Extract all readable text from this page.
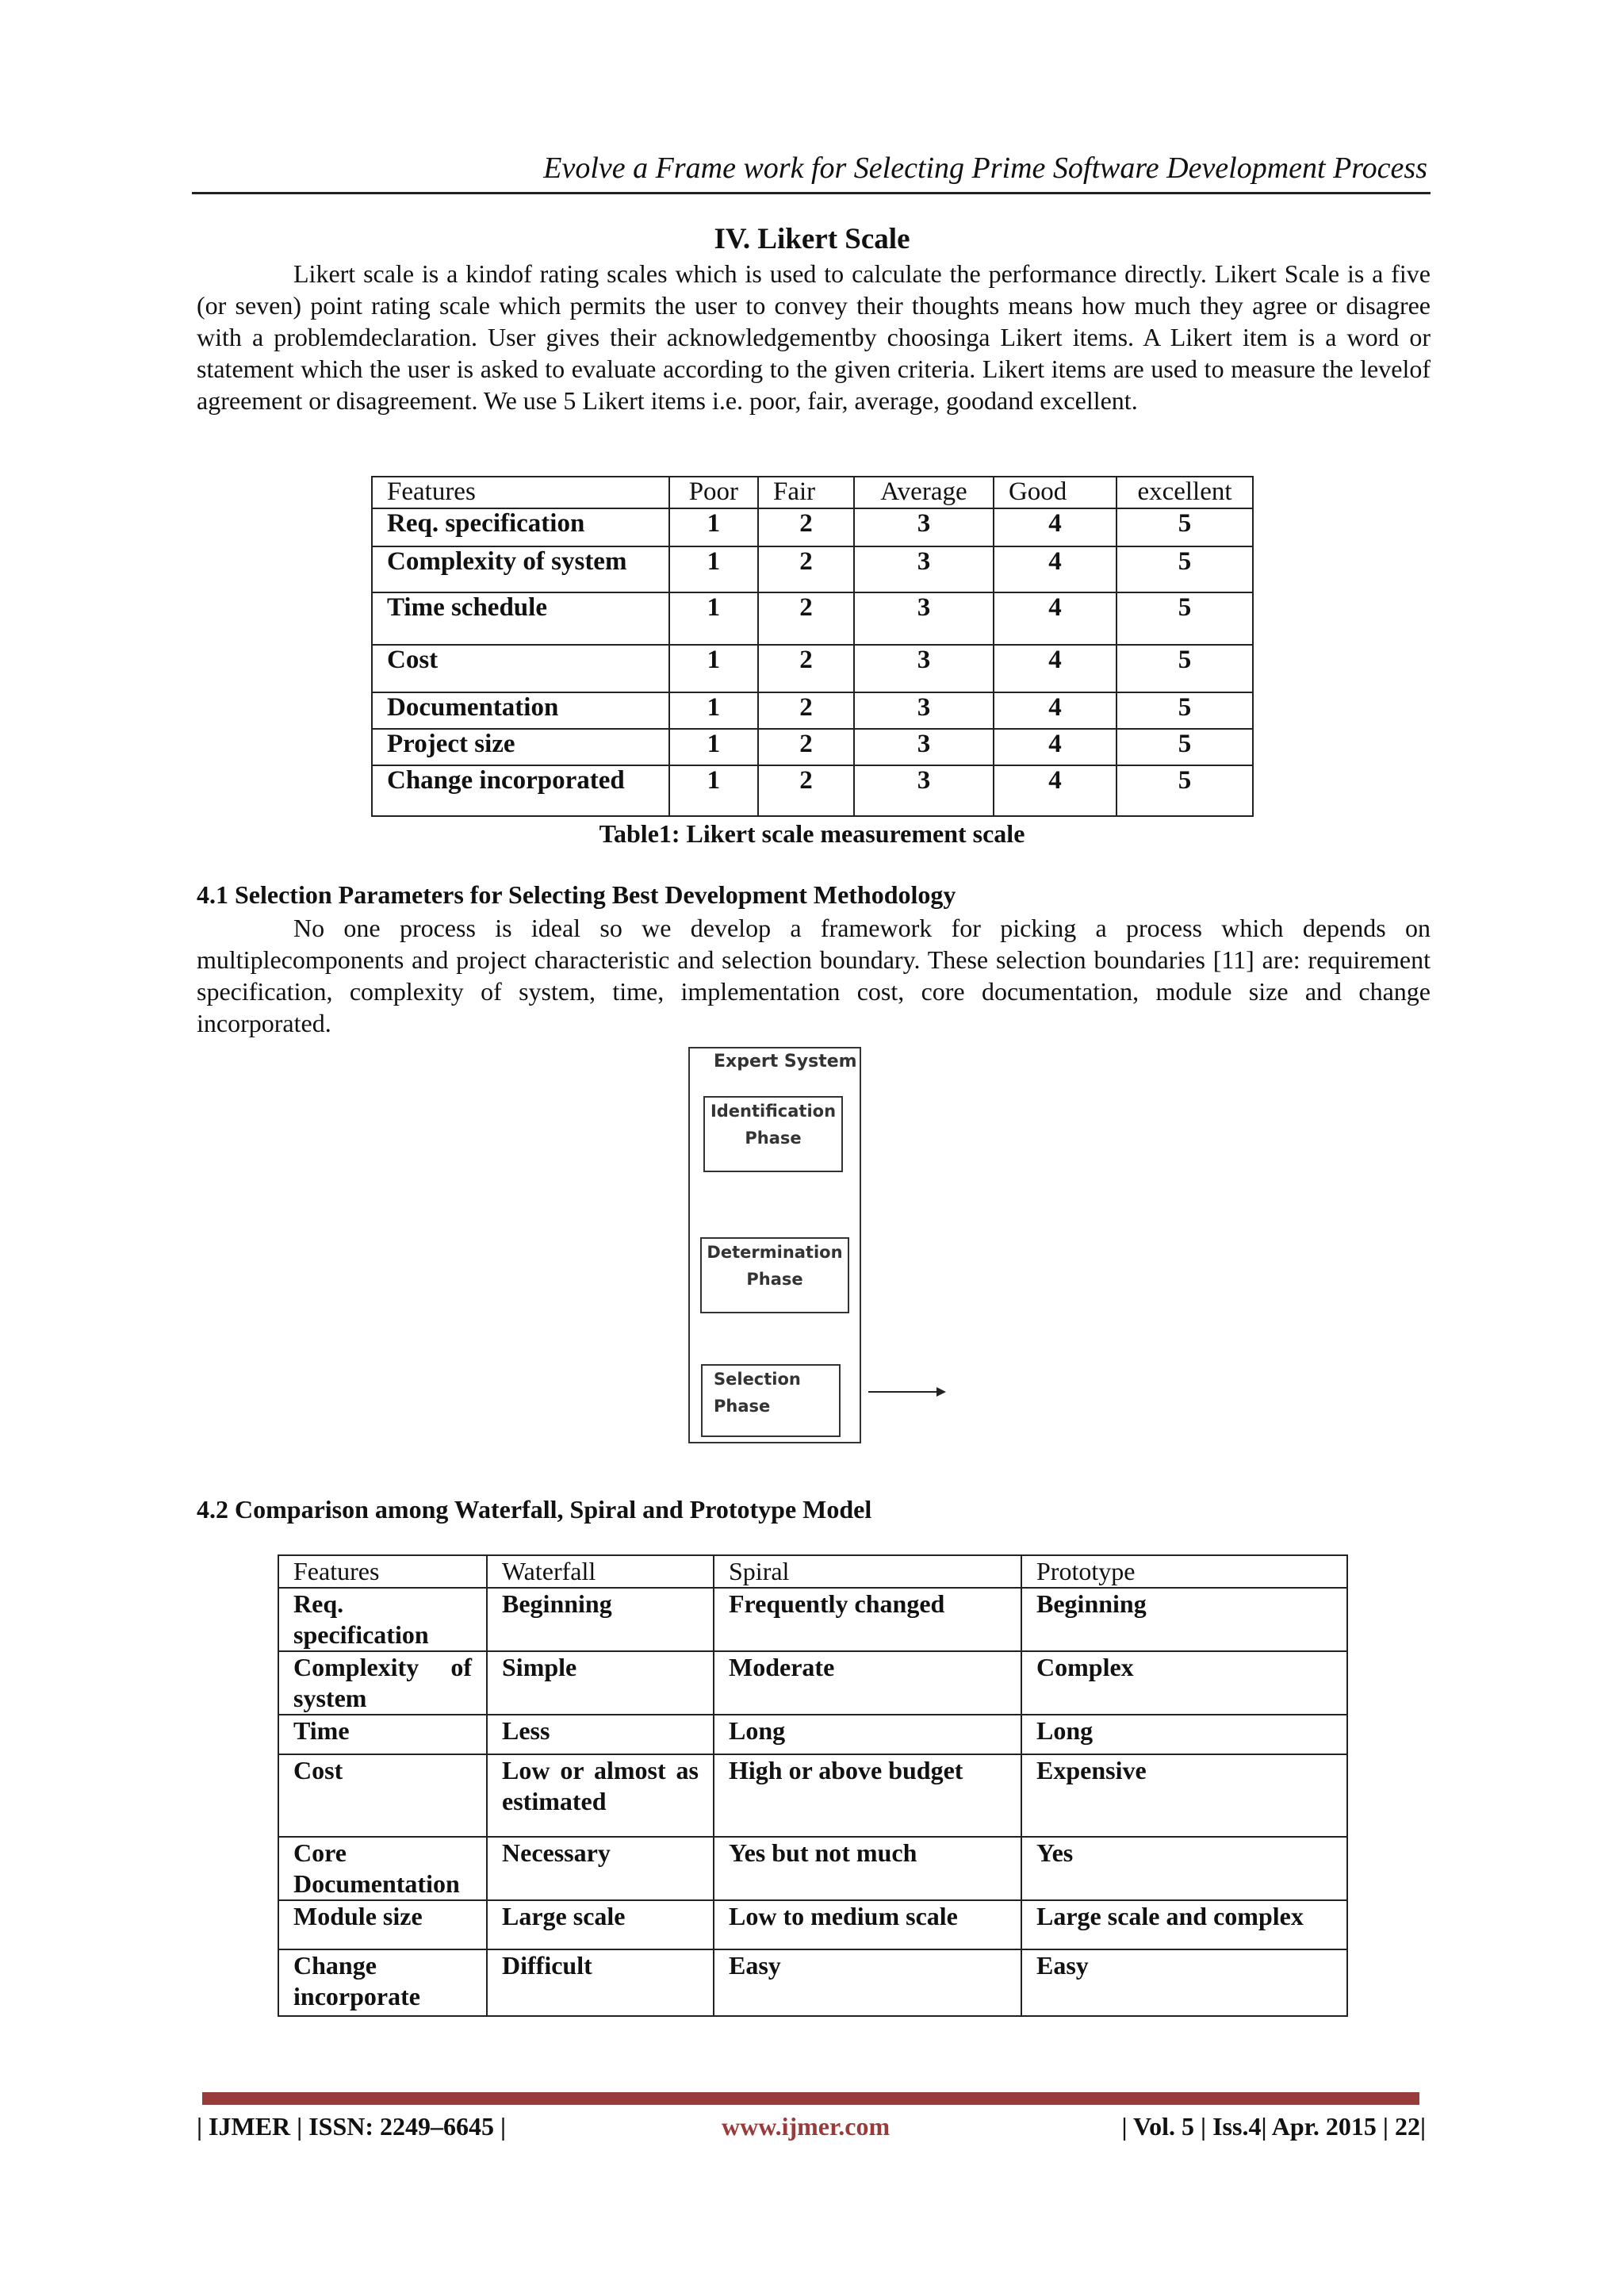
Evolve a Frame work for Selecting Prime Software Development Process
IV. Likert Scale
Likert scale is a kindof rating scales which is used to calculate the performance directly. Likert Scale is a five (or seven) point rating scale which permits the user to convey their thoughts means how much they agree or disagree with a problemdeclaration. User gives their acknowledgementby choosinga Likert items. A Likert item is a word or statement which the user is asked to evaluate according to the given criteria. Likert items are used to measure the levelof agreement or disagreement. We use 5 Likert items i.e. poor, fair, average, goodand excellent.
Features	Poor	Fair	Average	Good	excellent
Req. specification	1	2	3	4	5
Complexity of system	1	2	3	4	5
Time schedule	1	2	3	4	5
Cost	1	2	3	4	5
Documentation	1	2	3	4	5
Project size	1	2	3	4	5
Change incorporated	1	2	3	4	5
Table1: Likert scale measurement scale
4.1 Selection Parameters for Selecting Best Development Methodology
No one process is ideal so we develop a framework for picking a process which depends on multiplecomponents and project characteristic and selection boundary. These selection boundaries [11] are: requirement specification, complexity of system, time, implementation cost, core documentation, module size and change incorporated.
Expert System
Identification
Phase
Determination
Phase
Selection
Phase
4.2 Comparison among Waterfall, Spiral and Prototype Model
Features	Waterfall	Spiral	Prototype
Req. specification	Beginning	Frequently changed	Beginning
Complexity of system	Simple	Moderate	Complex
Time	Less	Long	Long
Cost	Low or almost as estimated	High or above budget	Expensive
Core Documentation	Necessary	Yes but not much	Yes
Module size	Large scale	Low to medium scale	Large scale and complex
Change incorporate	Difficult	Easy	Easy
| IJMER | ISSN: 2249–6645 |	www.ijmer.com	| Vol. 5 | Iss.4| Apr. 2015 | 22|
